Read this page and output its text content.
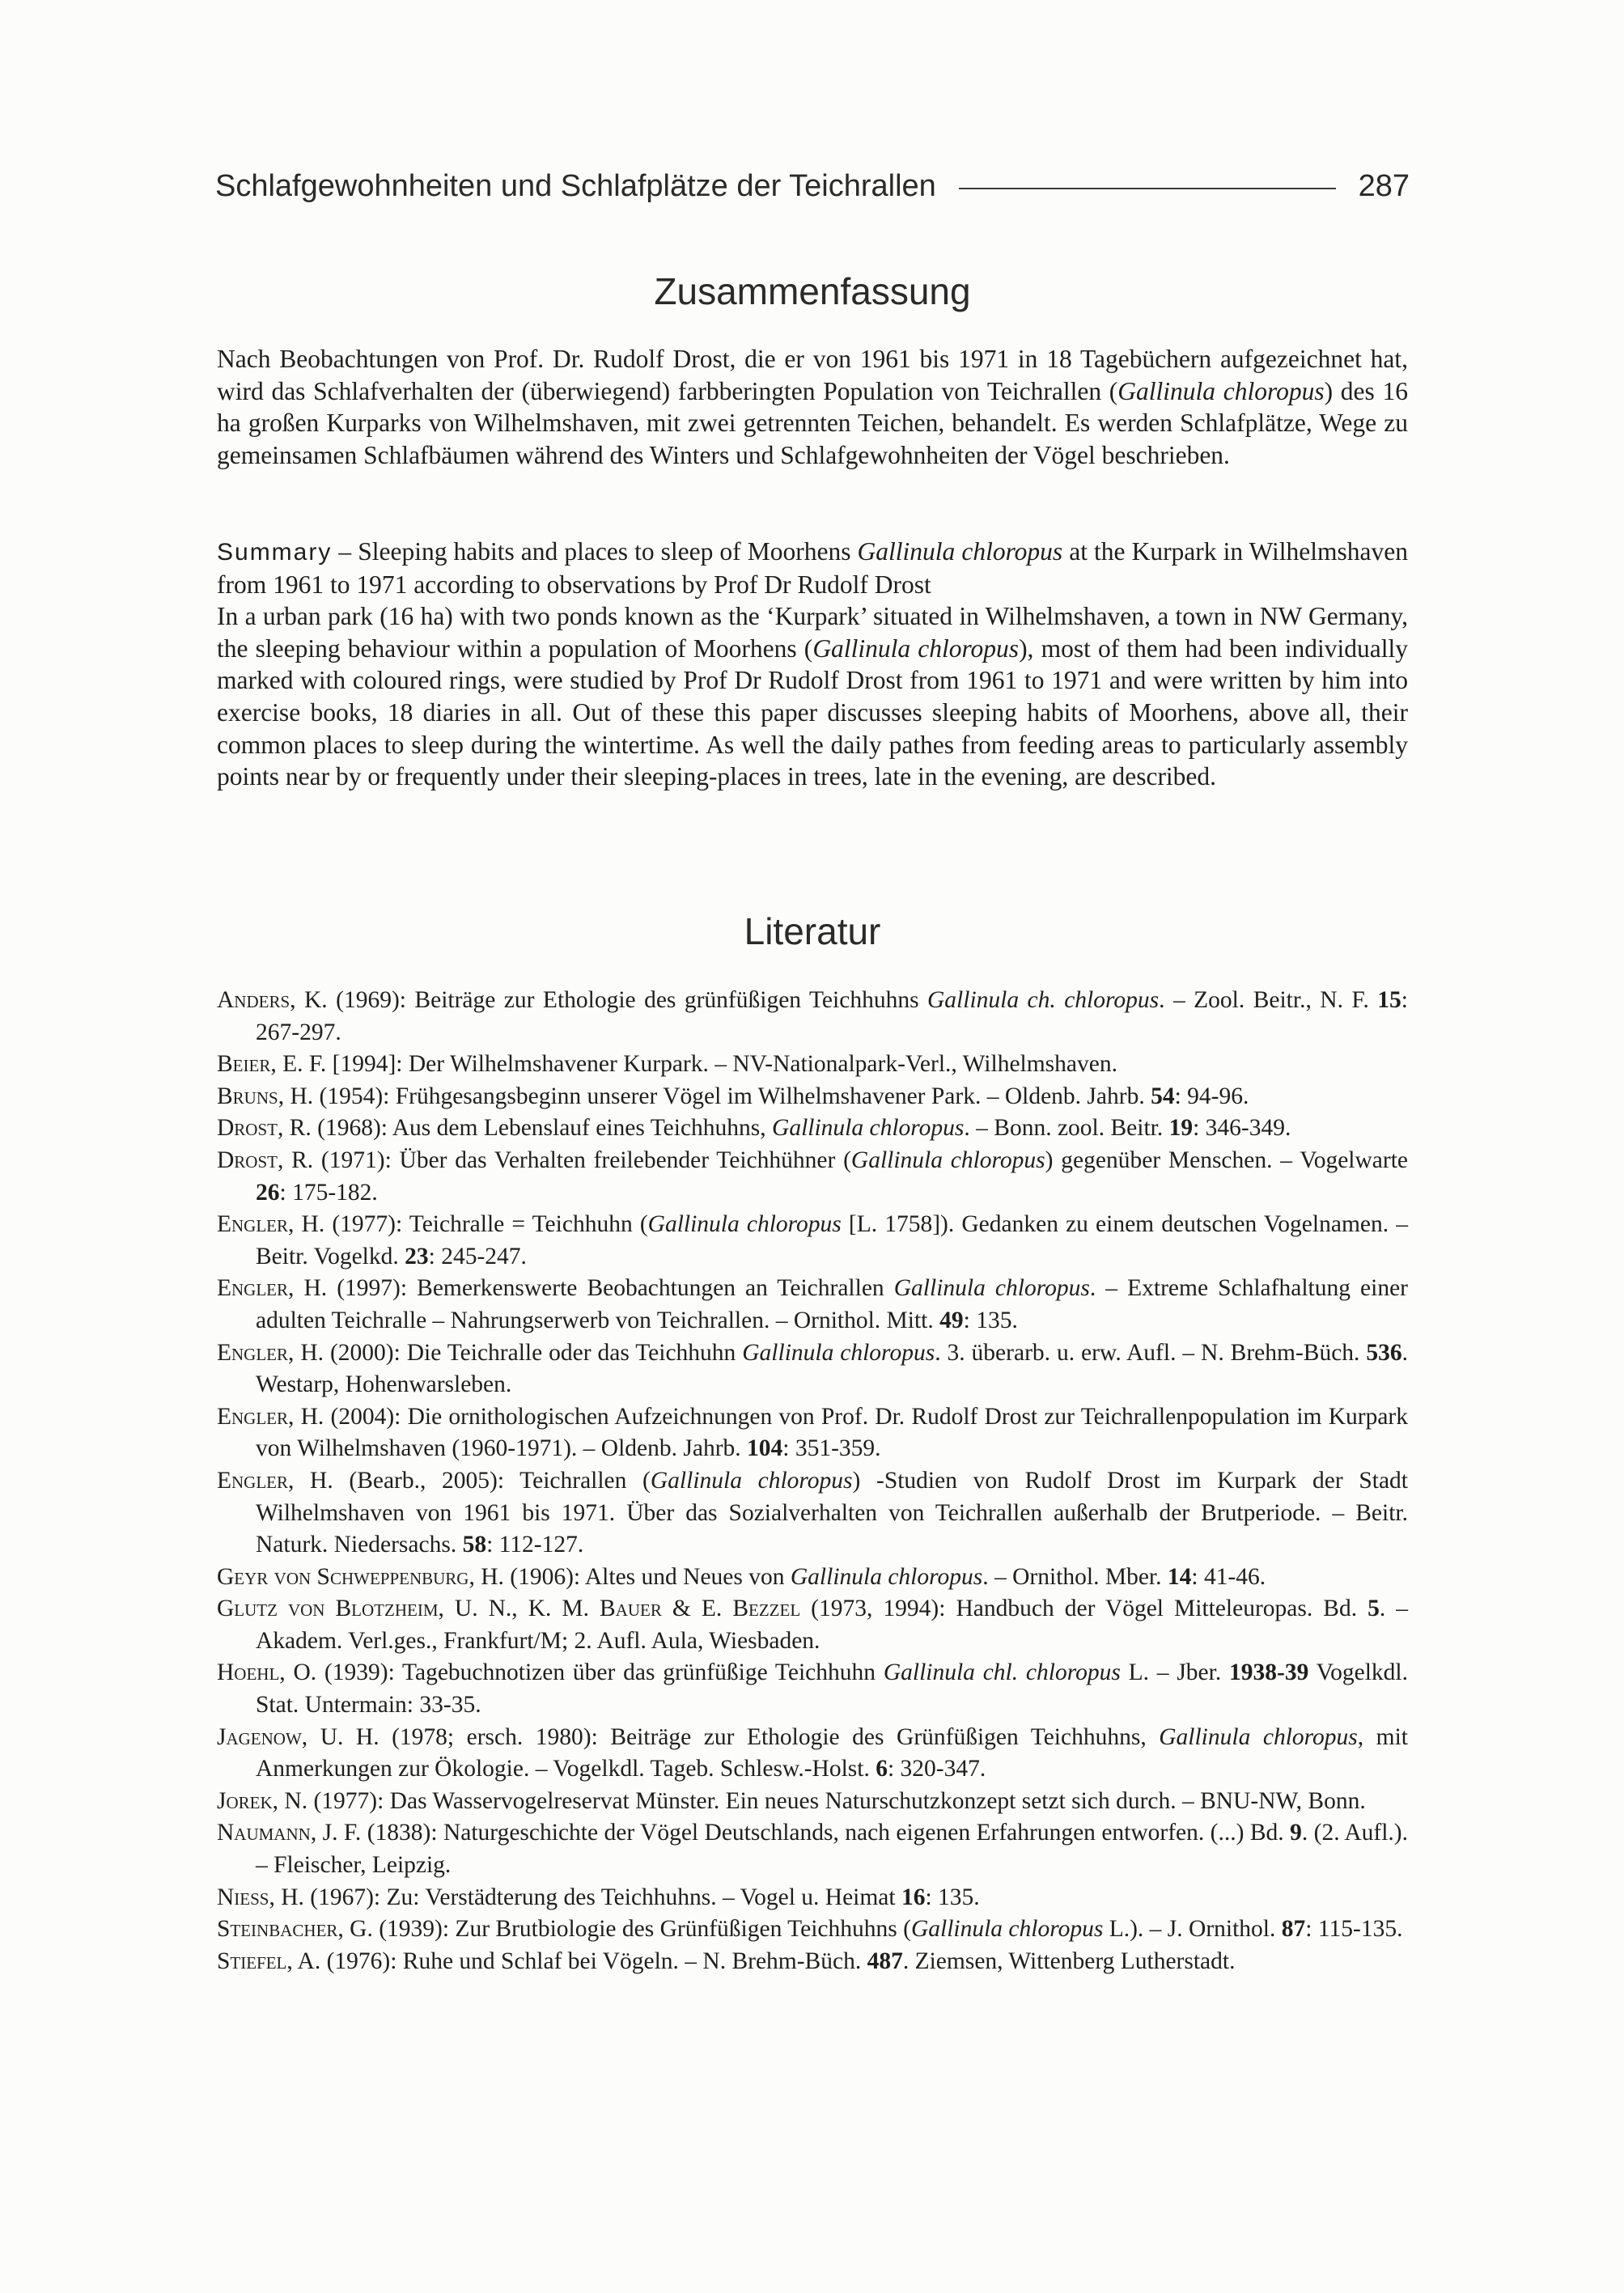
Schlafgewohnheiten und Schlafplätze der Teichrallen	287
Zusammenfassung

Nach Beobachtungen von Prof. Dr. Rudolf Drost, die er von 1961 bis 1971 in 18 Tagebüchern aufgezeichnet hat, wird das Schlafverhalten der (überwiegend) farbberingten Population von Teichrallen (Gallinula chloropus) des 16 ha großen Kurparks von Wilhelmshaven, mit zwei getrennten Teichen, behandelt. Es werden Schlafplätze, Wege zu gemeinsamen Schlafbäumen während des Winters und Schlafgewohnheiten der Vögel beschrieben.

Summary – Sleeping habits and places to sleep of Moorhens Gallinula chloropus at the Kurpark in Wilhelmshaven from 1961 to 1971 according to observations by Prof Dr Rudolf Drost
In a urban park (16 ha) with two ponds known as the ‘Kurpark’ situated in Wilhelmshaven, a town in NW Germany, the sleeping behaviour within a population of Moorhens (Gallinula chloropus), most of them had been individually marked with coloured rings, were studied by Prof Dr Rudolf Drost from 1961 to 1971 and were written by him into exercise books, 18 diaries in all. Out of these this paper discusses sleeping habits of Moorhens, above all, their common places to sleep during the wintertime. As well the daily pathes from feeding areas to particularly assembly points near by or frequently under their sleeping-places in trees, late in the evening, are described.

Literatur
Anders, K. (1969): Beiträge zur Ethologie des grünfüßigen Teichhuhns Gallinula ch. chloropus. – Zool. Beitr., N. F. 15: 267-297.
Beier, E. F. [1994]: Der Wilhelmshavener Kurpark. – NV-Nationalpark-Verl., Wilhelmshaven.
Bruns, H. (1954): Frühgesangsbeginn unserer Vögel im Wilhelmshavener Park. – Oldenb. Jahrb. 54: 94-96.
Drost, R. (1968): Aus dem Lebenslauf eines Teichhuhns, Gallinula chloropus. – Bonn. zool. Beitr. 19: 346-349.
Drost, R. (1971): Über das Verhalten freilebender Teichhühner (Gallinula chloropus) gegenüber Menschen. – Vogelwarte 26: 175-182.
Engler, H. (1977): Teichralle = Teichhuhn (Gallinula chloropus [L. 1758]). Gedanken zu einem deutschen Vogelnamen. – Beitr. Vogelkd. 23: 245-247.
Engler, H. (1997): Bemerkenswerte Beobachtungen an Teichrallen Gallinula chloropus. – Extreme Schlafhaltung einer adulten Teichralle – Nahrungserwerb von Teichrallen. – Ornithol. Mitt. 49: 135.
Engler, H. (2000): Die Teichralle oder das Teichhuhn Gallinula chloropus. 3. überarb. u. erw. Aufl. – N. Brehm-Büch. 536. Westarp, Hohenwarsleben.
Engler, H. (2004): Die ornithologischen Aufzeichnungen von Prof. Dr. Rudolf Drost zur Teichrallenpopulation im Kurpark von Wilhelmshaven (1960-1971). – Oldenb. Jahrb. 104: 351-359.
Engler, H. (Bearb., 2005): Teichrallen (Gallinula chloropus) -Studien von Rudolf Drost im Kurpark der Stadt Wilhelmshaven von 1961 bis 1971. Über das Sozialverhalten von Teichrallen außerhalb der Brutperiode. – Beitr. Naturk. Niedersachs. 58: 112-127.
Geyr von Schweppenburg, H. (1906): Altes und Neues von Gallinula chloropus. – Ornithol. Mber. 14: 41-46.
Glutz von Blotzheim, U. N., K. M. Bauer & E. Bezzel (1973, 1994): Handbuch der Vögel Mitteleuropas. Bd. 5. – Akadem. Verl.ges., Frankfurt/M; 2. Aufl. Aula, Wiesbaden.
Hoehl, O. (1939): Tagebuchnotizen über das grünfüßige Teichhuhn Gallinula chl. chloropus L. – Jber. 1938-39 Vogelkdl. Stat. Untermain: 33-35.
Jagenow, U. H. (1978; ersch. 1980): Beiträge zur Ethologie des Grünfüßigen Teichhuhns, Gallinula chloropus, mit Anmerkungen zur Ökologie. – Vogelkdl. Tageb. Schlesw.-Holst. 6: 320-347.
Jorek, N. (1977): Das Wasservogelreservat Münster. Ein neues Naturschutzkonzept setzt sich durch. – BNU-NW, Bonn.
Naumann, J. F. (1838): Naturgeschichte der Vögel Deutschlands, nach eigenen Erfahrungen entworfen. (...) Bd. 9. (2. Aufl.). – Fleischer, Leipzig.
Nieß, H. (1967): Zu: Verstädterung des Teichhuhns. – Vogel u. Heimat 16: 135.
Steinbacher, G. (1939): Zur Brutbiologie des Grünfüßigen Teichhuhns (Gallinula chloropus L.). – J. Ornithol. 87: 115-135.
Stiefel, A. (1976): Ruhe und Schlaf bei Vögeln. – N. Brehm-Büch. 487. Ziemsen, Wittenberg Lutherstadt.
